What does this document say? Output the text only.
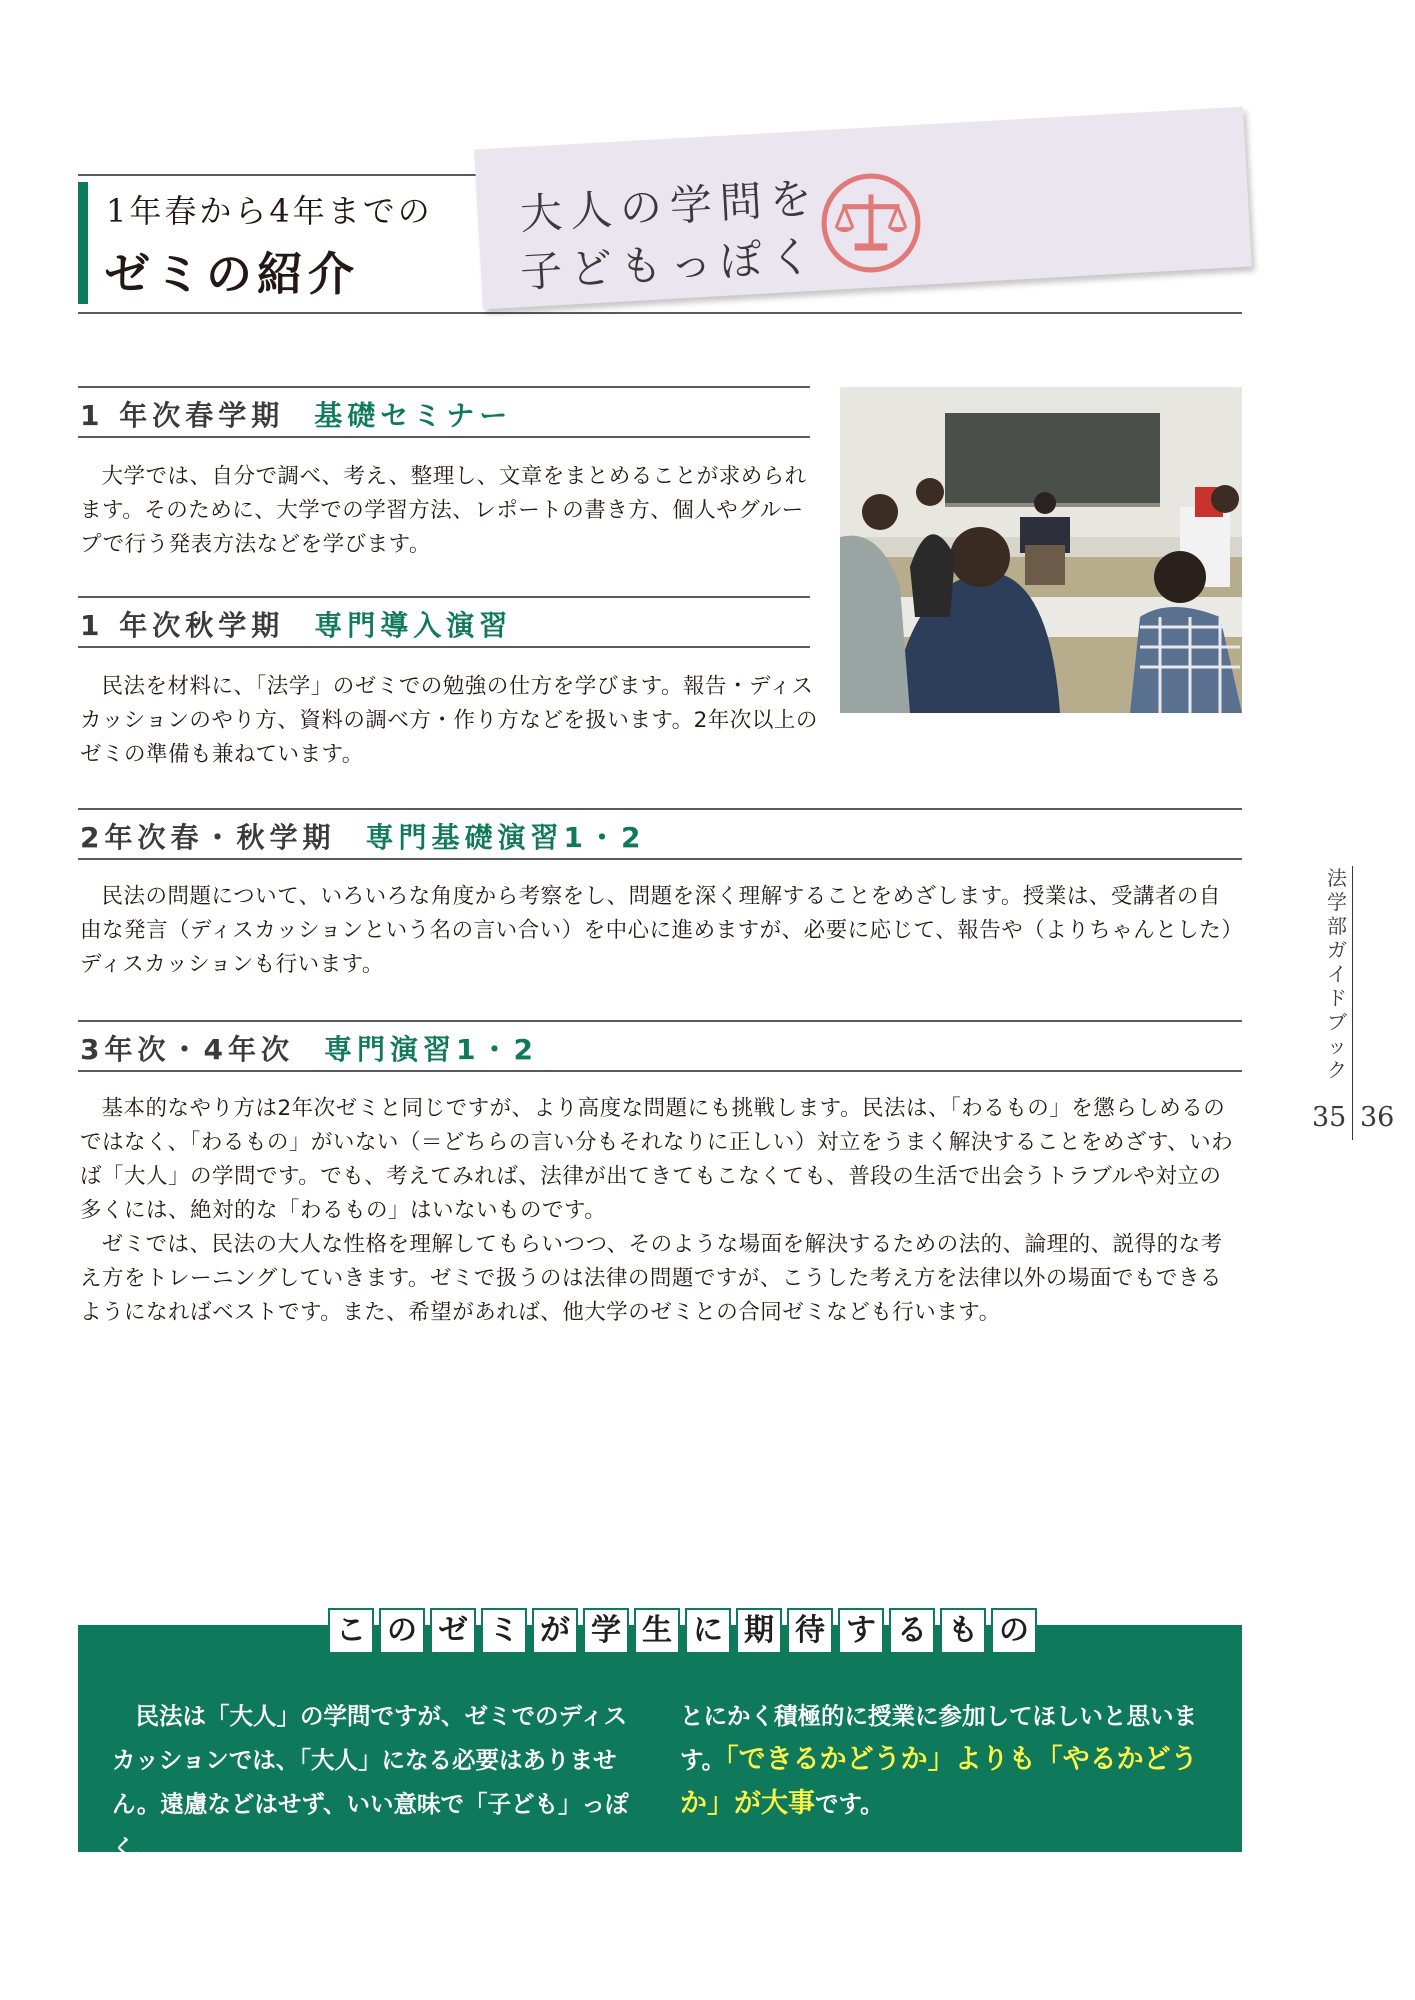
1年春から4年までの
ゼミの紹介
大人の学問を
子どもっぽく
1 年次春学期 基礎セミナー

大学では、自分で調べ、考え、整理し、文章をまとめることが求められます。そのために、大学での学習方法、レポートの書き方、個人やグループで行う発表方法などを学びます。

1 年次秋学期 専門導入演習

民法を材料に、「法学」のゼミでの勉強の仕方を学びます。報告・ディスカッションのやり方、資料の調べ方・作り方などを扱います。2年次以上のゼミの準備も兼ねています。

2年次春・秋学期 専門基礎演習1・2

民法の問題について、いろいろな角度から考察をし、問題を深く理解することをめざします。授業は、受講者の自由な発言（ディスカッションという名の言い合い）を中心に進めますが、必要に応じて、報告や（よりちゃんとした）ディスカッションも行います。

3年次・4年次 専門演習1・2

基本的なやり方は2年次ゼミと同じですが、より高度な問題にも挑戦します。民法は、「わるもの」を懲らしめるのではなく、「わるもの」がいない（＝どちらの言い分もそれなりに正しい）対立をうまく解決することをめざす、いわば「大人」の学問です。でも、考えてみれば、法律が出てきてもこなくても、普段の生活で出会うトラブルや対立の多くには、絶対的な「わるもの」はいないものです。

ゼミでは、民法の大人な性格を理解してもらいつつ、そのような場面を解決するための法的、論理的、説得的な考え方をトレーニングしていきます。ゼミで扱うのは法律の問題ですが、こうした考え方を法律以外の場面でもできるようになればベストです。また、希望があれば、他大学のゼミとの合同ゼミなども行います。

法
学
部
ガ
イ
ド
ブ
ッ
ク
35 36
こ の ゼ ミ が 学 生 に 期 待 す る も の
民法は「大人」の学問ですが、ゼミでのディスカッションでは、「大人」になる必要はありません。遠慮などはせず、いい意味で「子ども」っぽく、
とにかく積極的に授業に参加してほしいと思います。「できるかどうか」よりも「やるかどうか」が大事です。
